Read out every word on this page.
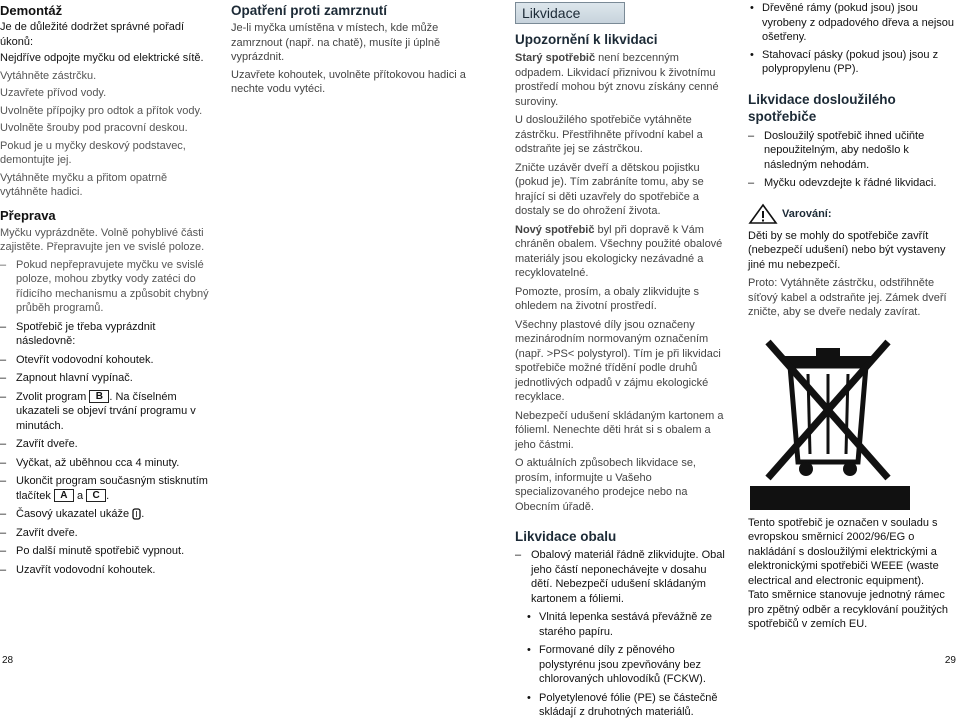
Demontáž

Je de důležité dodržet správné pořadí úkonů:

Nejdříve odpojte myčku od elektrické sítě.

Vytáhněte zástrčku.

Uzavřete přívod vody.

Uvolněte přípojky pro odtok a přítok vody.

Uvolněte šrouby pod pracovní deskou.

Pokud je u myčky deskový podstavec, demontujte jej.

Vytáhněte myčku a přitom opatrně vytáhněte hadici.

Přeprava

Myčku vyprázdněte. Volně pohyblivé části zajistěte. Přepravujte jen ve svislé poloze.

– Pokud nepřepravujete myčku ve svislé poloze, mohou zbytky vody zatéci do řídicího mechanismu a způsobit chybný průběh programů.
– Spotřebič je třeba vyprázdnit následovně:
– Otevřít vodovodní kohoutek.
– Zapnout hlavní vypínač.
– Zvolit program B . Na číselném ukazateli se objeví trvání programu v minutách.
– Zavřít dveře.
– Vyčkat, až uběhnou cca 4 minuty.
– Ukončit program současným stisknutím tlačítek A a C .
– Časový ukazatel ukáže .
– Zavřít dveře.
– Po další minutě spotřebič vypnout.
– Uzavřít vodovodní kohoutek.
Opatření proti zamrznutí

Je-li myčka umístěna v místech, kde může zamrznout (např. na chatě), musíte ji úplně vyprázdnit.

Uzavřete kohoutek, uvolněte přítokovou hadici a nechte vodu vytéci.

Likvidace
Upozornění k likvidaci

Starý spotřebič není bezcenným odpadem. Likvidací přiznivou k životnímu prostředí mohou být znovu získány cenné suroviny.

U dosloužilého spotřebiče vytáhněte zástrčku. Přestřihněte přívodní kabel a odstraňte jej se zástrčkou.

Zničte uzávěr dveří a dětskou pojistku (pokud je). Tím zabráníte tomu, aby se hrající si děti uzavřely do spotřebiče a dostaly se do ohrožení života.

Nový spotřebič byl při dopravě k Vám chráněn obalem. Všechny použité obalové materiály jsou ekologicky nezávadné a recyklovatelné.

Pomozte, prosím, a obaly zlikvidujte s ohledem na životní prostředí.

Všechny plastové díly jsou označeny mezinárodním normovaným označením (např. >PS< polystyrol). Tím je při likvidaci spotřebiče možné třídění podle druhů jednotlivých odpadů v zájmu ekologické recyklace.

Nebezpečí udušení skládaným kartonem a fólieml. Nenechte děti hrát si s obalem a jeho částmi.

O aktuálních způsobech likvidace se, prosím, informujte u Vašeho specializovaného prodejce nebo na Obecním úřadě.

Likvidace obalu
– Obalový materiál řádně zlikvidujte. Obal jeho částí neponechávejte v dosahu dětí. Nebezpečí udušení skládaným kartonem a fóliemi.
• Vlnitá lepenka sestává převážně ze starého papíru.
• Formované díly z pěnového polystyrénu jsou zpevňovány bez chlorovaných uhlovodíků (FCKW).
• Polyetylenové fólie (PE) se částečně skládají z druhotných materiálů.
• Dřevěné rámy (pokud jsou) jsou vyrobeny z odpadového dřeva a nejsou ošetřeny.
• Stahovací pásky (pokud jsou) jsou z polypropylenu (PP).
Likvidace dosloužilého spotřebiče
– Dosloužilý spotřebič ihned učiňte nepoužitelným, aby nedošlo k následným nehodám.
– Myčku odevzdejte k řádné likvidaci.
Varování:

Děti by se mohly do spotřebiče zavřít (nebezpečí udušení) nebo být vystaveny jiné mu nebezpečí.

Proto: Vytáhněte zástrčku, odstřihněte síťový kabel a odstraňte jej. Zámek dveří zničte, aby se dveře nedaly zavírat.

Tento spotřebič je označen v souladu s evropskou směrnicí 2002/96/EG o nakládání s dosloužilými elektrickými a elektronickými spotřebiči WEEE (waste electrical and electronic equipment).

Tato směrnice stanovuje jednotný rámec pro zpětný odběr a recyklování použitých spotřebičů v zemích EU.

28	29
